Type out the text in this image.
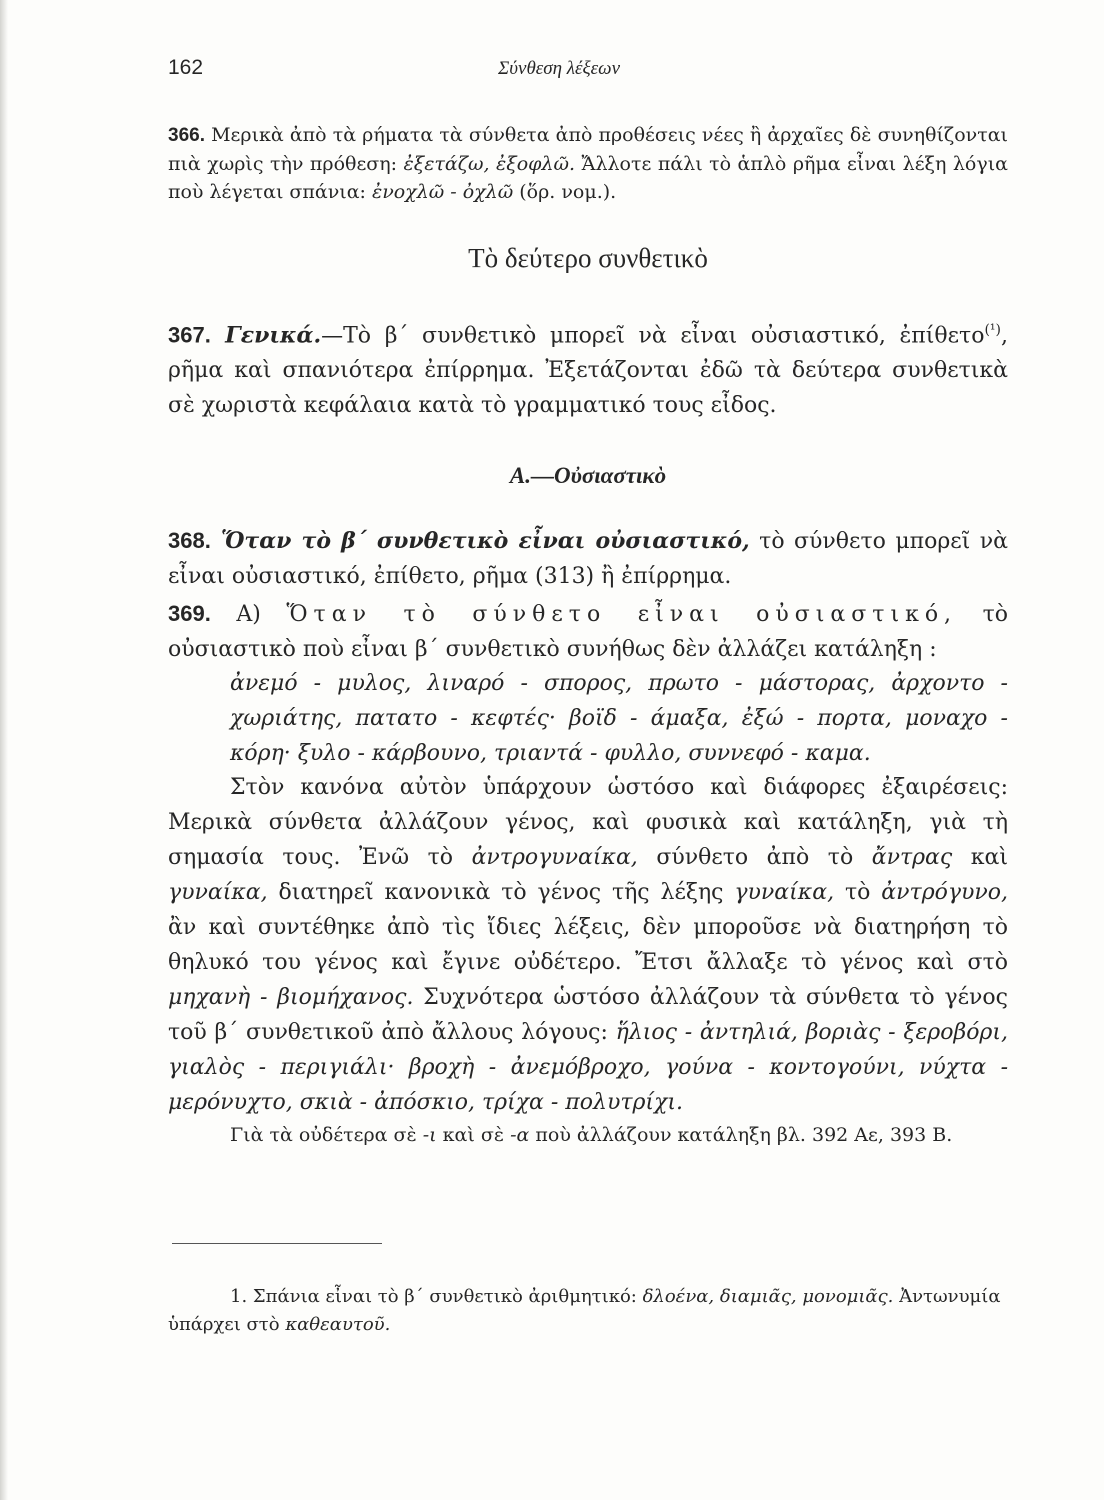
162	Σύνθεση λέξεων
366. Μερικὰ ἀπὸ τὰ ρήματα τὰ σύνθετα ἀπὸ προθέσεις νέες ἢ ἀρχαῖες δὲ συνηθίζονται πιὰ χωρὶς τὴν πρόθεση: ἐξετάζω, ἐξοφλῶ. Ἄλλοτε πάλι τὸ ἁπλὸ ρῆμα εἶναι λέξη λόγια ποὺ λέγεται σπάνια: ἐνοχλῶ - ὀχλῶ (ὅρ. νομ.).
Τὸ δεύτερο συνθετικὸ
367. Γενικά.—Τὸ β΄ συνθετικὸ μπορεῖ νὰ εἶναι οὐσιαστικό, ἐπίθετο$^{(^1)}$, ρῆμα καὶ σπανιότερα ἐπίρρημα. Ἐξετάζονται ἐδῶ τὰ δεύτερα συνθετικὰ σὲ χωριστὰ κεφάλαια κατὰ τὸ γραμματικό τους εἶδος.
Α.—Οὐσιαστικὸ
368. Ὅταν τὸ β΄ συνθετικὸ εἶναι οὐσιαστικό, τὸ σύνθετο μπορεῖ νὰ εἶναι οὐσιαστικό, ἐπίθετο, ρῆμα (313) ἢ ἐπίρρημα.
369. Α) Ὅταν τὸ σύνθετο εἶναι οὐσιαστικό, τὸ οὐσιαστικὸ ποὺ εἶναι β΄ συνθετικὸ συνήθως δὲν ἀλλάζει κατάληξη :
ἀνεμό - μυλος, λιναρό - σπορος, πρωτο - μάστορας, ἀρχοντο - χωριάτης, πατατο - κεφτές· βοϊδ - άμαξα, ἐξώ - πορτα, μοναχο - κόρη· ξυλο - κάρβουνο, τριαντά - φυλλο, συννεφό - καμα.
Στὸν κανόνα αὐτὸν ὑπάρχουν ὡστόσο καὶ διάφορες ἐξαιρέσεις: Μερικὰ σύνθετα ἀλλάζουν γένος, καὶ φυσικὰ καὶ κατάληξη, γιὰ τὴ σημασία τους. Ἐνῶ τὸ ἀντρογυναίκα, σύνθετο ἀπὸ τὸ ἄντρας καὶ γυναίκα, διατηρεῖ κανονικὰ τὸ γένος τῆς λέξης γυναίκα, τὸ ἀντρόγυνο, ἂν καὶ συντέθηκε ἀπὸ τὶς ἴδιες λέξεις, δὲν μποροῦσε νὰ διατηρήση τὸ θηλυκό του γένος καὶ ἔγινε οὐδέτερο. Ἔτσι ἄλλαξε τὸ γένος καὶ στὸ μηχανὴ - βιομήχανος. Συχνότερα ὡστόσο ἀλλάζουν τὰ σύνθετα τὸ γένος τοῦ β΄ συνθετικοῦ ἀπὸ ἄλλους λόγους: ἥλιος - ἀντηλιά, βοριὰς - ξεροβόρι, γιαλὸς - περιγιάλι· βροχὴ - ἀνεμόβροχο, γούνα - κοντογούνι, νύχτα - μερόνυχτο, σκιὰ - ἀπόσκιο, τρίχα - πολυτρίχι.
Γιὰ τὰ οὐδέτερα σὲ -ι καὶ σὲ -α ποὺ ἀλλάζουν κατάληξη βλ. 392 Αε, 393 Β.
1. Σπάνια εἶναι τὸ β΄ συνθετικὸ ἀριθμητικό: δλοένα, διαμιᾶς, μονομιᾶς. Ἀντωνυμία ὑπάρχει στὸ καθεαυτοῦ.
